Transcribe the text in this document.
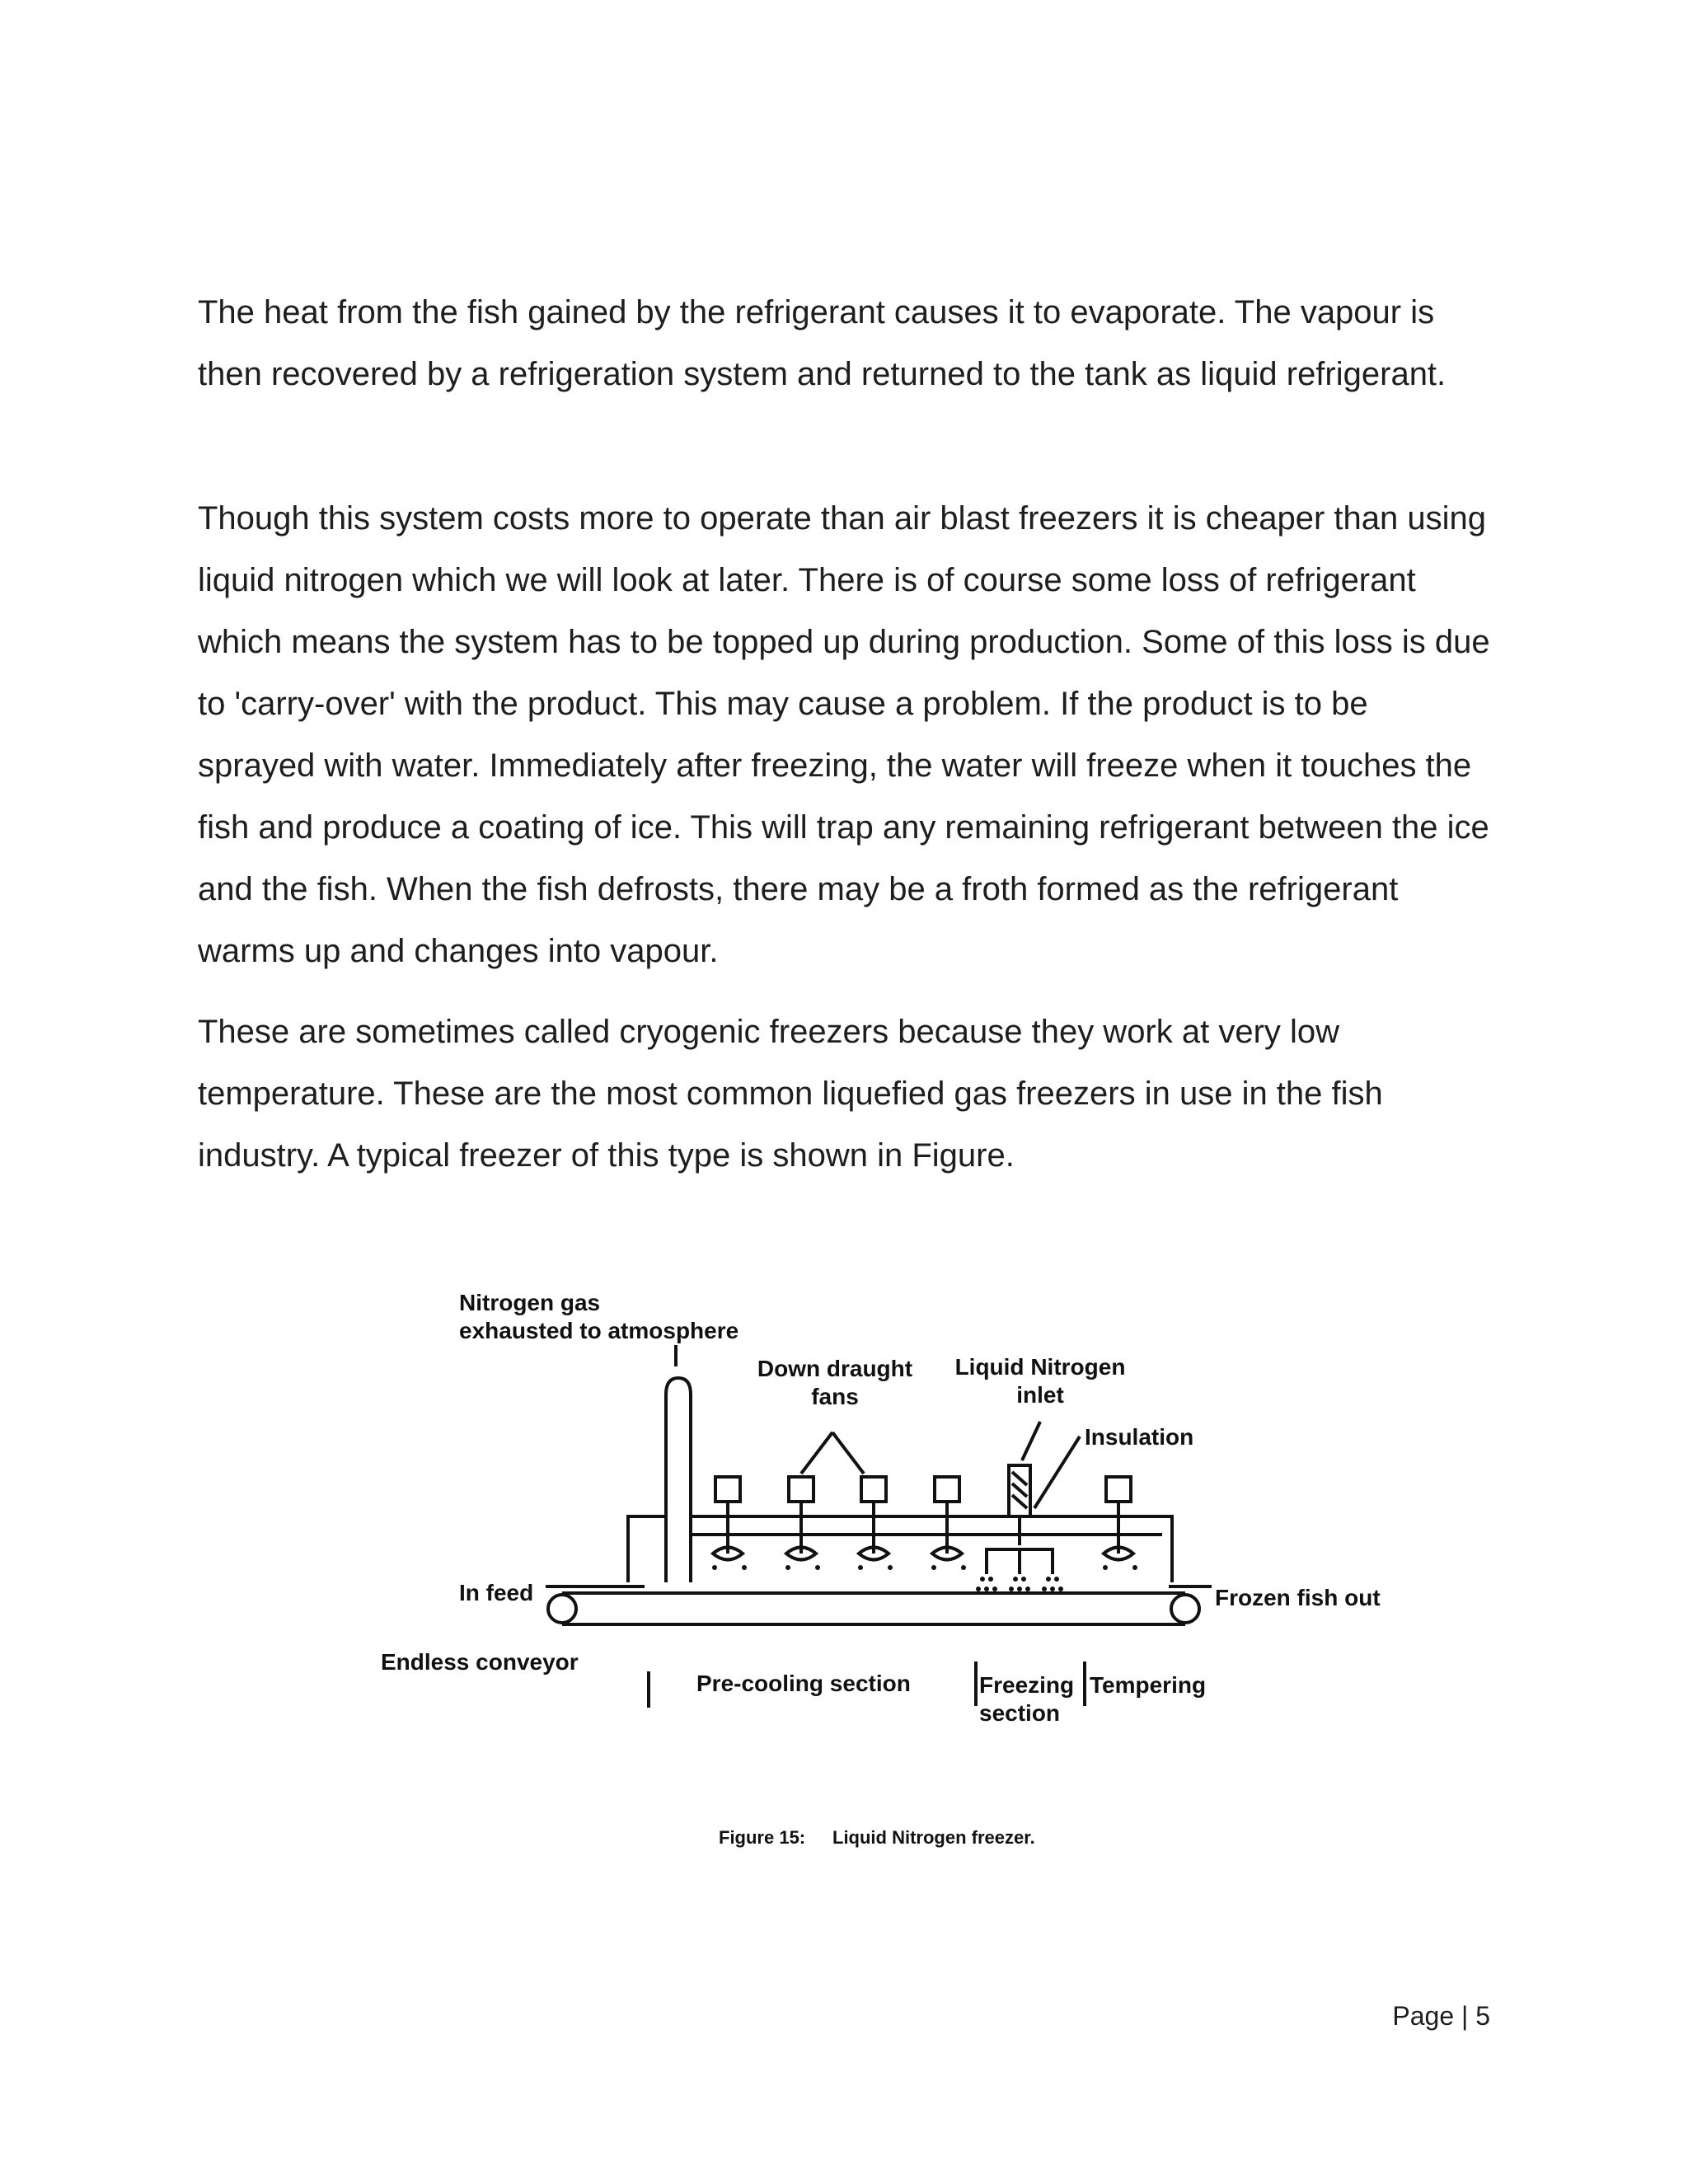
The heat from the fish gained by the refrigerant causes it to evaporate. The vapour is then recovered by a refrigeration system and returned to the tank as liquid refrigerant.

Though this system costs more to operate than air blast freezers it is cheaper than using liquid nitrogen which we will look at later. There is of course some loss of refrigerant which means the system has to be topped up during production. Some of this loss is due to 'carry-over' with the product. This may cause a problem. If the product is to be sprayed with water. Immediately after freezing, the water will freeze when it touches the fish and produce a coating of ice. This will trap any remaining refrigerant between the ice and the fish. When the fish defrosts, there may be a froth formed as the refrigerant warms up and changes into vapour.

These are sometimes called cryogenic freezers because they work at very low temperature. These are the most common liquefied gas freezers in use in the fish industry. A typical freezer of this type is shown in Figure.

Nitrogen gas
exhausted to atmosphere
Down draught
fans
Liquid Nitrogen
inlet
Insulation
In feed	Frozen fish out
Endless conveyor
Pre-cooling section	Freezing
section
Tempering
Figure 15: Liquid Nitrogen freezer.
Page | 5
